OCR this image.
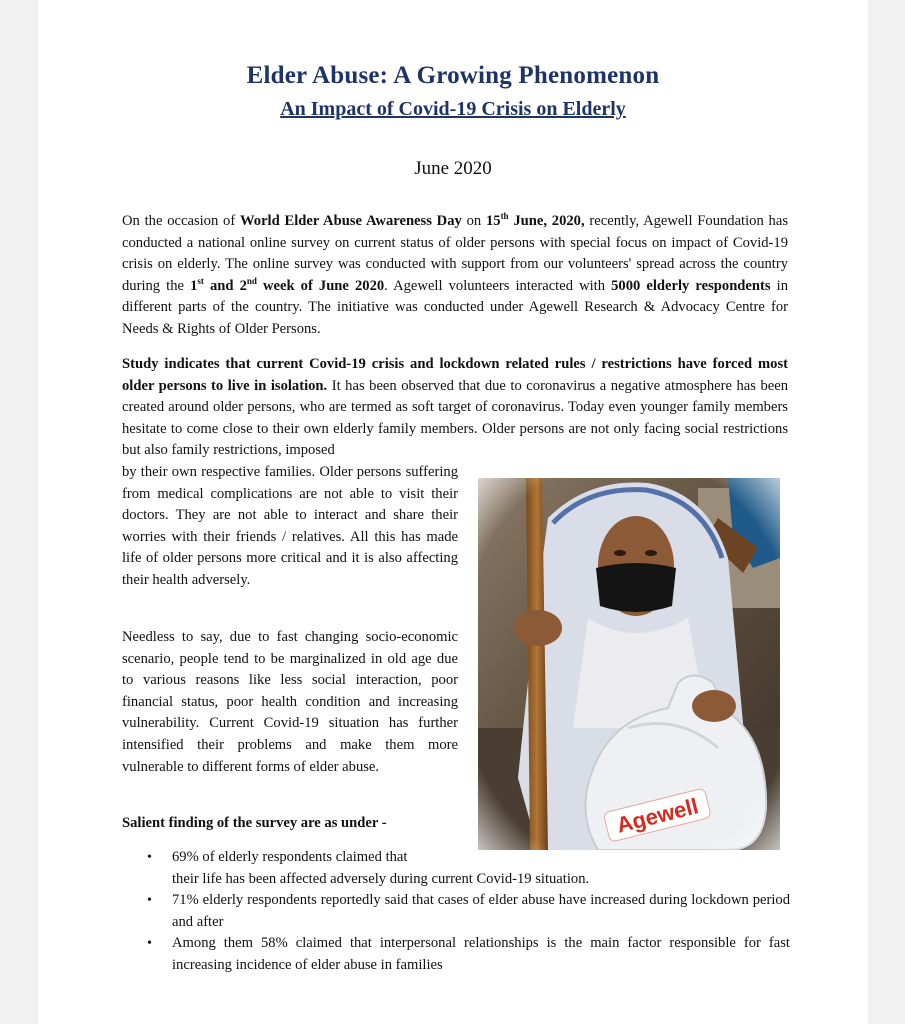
Elder Abuse: A Growing Phenomenon
An Impact of Covid-19 Crisis on Elderly
June 2020

On the occasion of World Elder Abuse Awareness Day on 15th June, 2020, recently, Agewell Foundation has conducted a national online survey on current status of older persons with special focus on impact of Covid-19 crisis on elderly. The online survey was conducted with support from our volunteers' spread across the country during the 1st and 2nd week of June 2020. Agewell volunteers interacted with 5000 elderly respondents in different parts of the country. The initiative was conducted under Agewell Research & Advocacy Centre for Needs & Rights of Older Persons.

Study indicates that current Covid-19 crisis and lockdown related rules / restrictions have forced most older persons to live in isolation. It has been observed that due to coronavirus a negative atmosphere has been created around older persons, who are termed as soft target of coronavirus. Today even younger family members hesitate to come close to their own elderly family members. Older persons are not only facing social restrictions but also family restrictions, imposed

by their own respective families. Older persons suffering from medical complications are not able to visit their doctors. They are not able to interact and share their worries with their friends / relatives. All this has made life of older persons more critical and it is also affecting their health adversely.

Needless to say, due to fast changing socio-economic scenario, people tend to be marginalized in old age due to various reasons like less social interaction, poor financial status, poor health condition and increasing vulnerability. Current Covid-19 situation has further intensified their problems and make them more vulnerable to different forms of elder abuse.

Salient finding of the survey are as under -
• 69% of elderly respondents claimed that
their life has been affected adversely during current Covid-19 situation.
• 71% elderly respondents reportedly said that cases of elder abuse have increased during lockdown period and after
• Among them 58% claimed that interpersonal relationships is the main factor responsible for fast increasing incidence of elder abuse in families
